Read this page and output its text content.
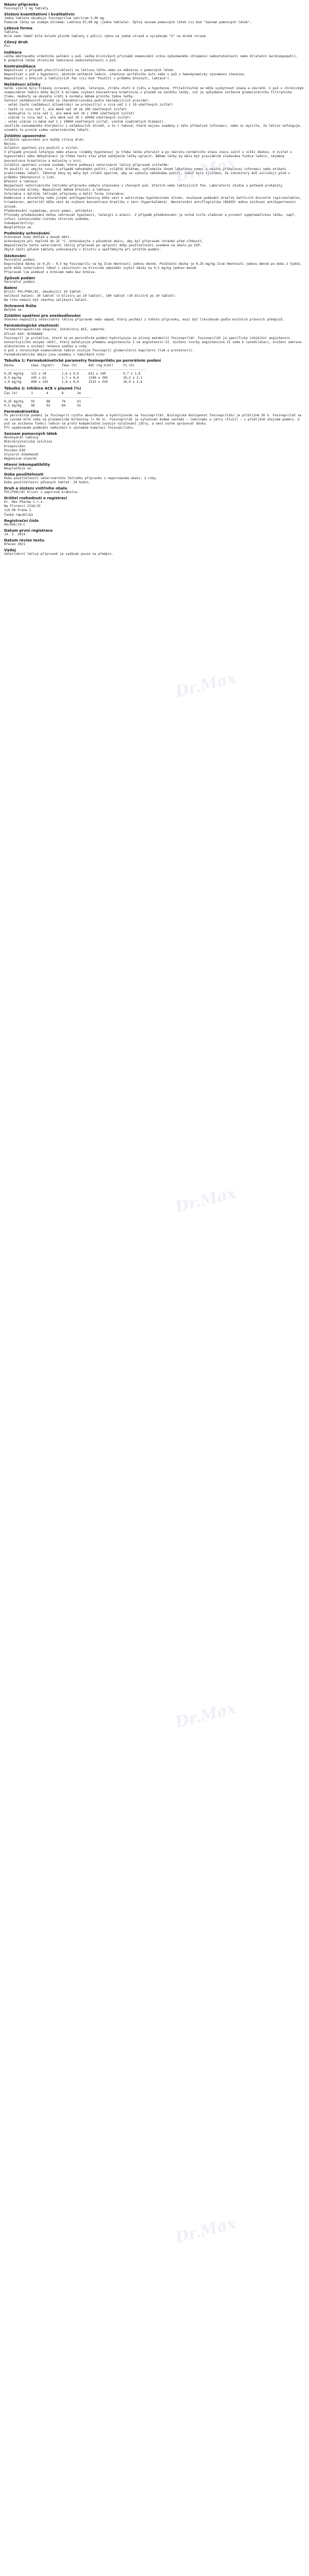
Dr.Max
Dr.Max
Dr.Max
Dr.Max
Dr.Max
Název přípravku
Fosinopril 5 mg tablety
Složení kvantitativní i kvalitativní
Jedna tableta obsahuje fosinoprilum natricum 5,00 mg.
Pomocné látky se známým účinkem: Laktóza 67,00 mg (jedna tableta). Úplný seznam pomocných látek viz bod "Seznam pomocných látek".
Léková forma
Tableta.
Bílé nebo téměř bílé kulaté ploché tablety s půlicí rýhou na jedné straně a vyraženým "5" na druhé straně.
Cílový druh
Psi.
Indikace
Léčba městnavého srdečního selhání u psů. Léčba klinických příznaků onemocnění srdce způsobeného chlopenní nedostatečností nebo dilatační kardiomyopatií.
K podpůrné léčbě chronické ledvinové nedostatečnosti u psů.
Kontraindikace
Nepoužívat v případě přecitlivělosti na léčivou látku nebo na některou z pomocných látek.
Nepoužívat u psů s hypotenzí, akutním selháním ledvin, stenózou aortálního ústí nebo u psů s hemodynamicky významnou stenózou.
Nepoužívat u březích a laktujících fen (viz bod "Použití v průběhu březosti, laktace").
Nežádoucí účinky
Velmi vzácně byly hlášeny zvracení, průjem, letargie, ztráta chuti k jídlu a hypotenze. Příležitostně se může vyskytnout únava a závratě. U psů s chronickým onemocněním ledvin může dojít k mírnému zvýšení koncentrace kreatininu v plazmě na začátku léčby, což je způsobeno snížením glomerulárního filtračního tlaku. Hodnoty se obvykle vrátí k normálu během prvního týdne léčby.
Četnost nežádoucích účinků je charakterizována podle následujících pravidel:
- velmi časté (nežádoucí účinek(nky) se projevil(y) u více než 1 z 10 ošetřených zvířat)
- časté (u více než 1, ale méně než 10 ze 100 ošetřených zvířat)
- neobvyklé (u více než 1, ale méně než 10 z 1000 ošetřených zvířat)
- vzácné (u více než 1, ale méně než 10 z 10000 ošetřených zvířat)
- velmi vzácné (u méně než 1 z 10000 ošetřených zvířat, včetně ojedinělých hlášení).
Jestliže zaznamenáte kterýkoliv z nežádoucích účinků, a to i takové, které nejsou uvedeny v této příbalové informaci, nebo si myslíte, že léčivo nefunguje, oznamte to prosím svému veterinárnímu lékaři.
Zvláštní upozornění
Zvláštní upozornění pro každý cílový druh:
Nejsou.
Zvláštní opatření pro použití u zvířat:
V případě projevů letargie nebo ataxie (známky hypotenze) je třeba léčbu přerušit a po návratu normálního stavu znovu začít s nižší dávkou. U zvířat s hypovolémií nebo dehydratací je třeba tento stav před zahájením léčby upravit. Během léčby by měla být pravidelně sledována funkce ledvin, zejména koncentrace kreatininu a močoviny v krvi.
Zvláštní opatření určené osobám, které podávají veterinární léčivý přípravek zvířatům:
Po použití si umyjte ruce. V případě náhodného požití, zvláště dítětem, vyhledejte ihned lékařskou pomoc a ukažte příbalovou informaci nebo etiketu praktickému lékaři. Těhotné ženy by měly být zvlášť opatrné, aby se vyhnuly náhodnému požití, neboť bylo zjištěno, že inhibitory ACE ovlivňují plod v průběhu těhotenství u lidí.
Březost a laktace:
Bezpečnost veterinárního léčivého přípravku nebyla stanovena u chovných psů, březích nebo laktujících fen. Laboratorní studie u potkanů prokázaly fetotoxické účinky. Nepoužívat během březosti a laktace.
Interakce s dalšími léčivými přípravky a další formy interakce:
Kombinace s diuretiky nebo jinými antihypertenzivy může vést k aditivnímu hypotenznímu účinku. Současné podávání draslík šetřících diuretik (spironolakton, triamteren, amilorid) může vést ke zvýšení koncentrace draslíku v séru (hyperkalémie). Nesteroidní antiflogistika (NSAID) mohou snižovat antihypertenzní účinek.
Předávkování (symptomy, první pomoc, antidota):
Příznaky předávkování mohou zahrnovat hypotenzi, letargii a ataxii. V případě předávkování je nutné zvíře sledovat a provést symptomatickou léčbu, např. infuzi izotonického roztoku chloridu sodného.
Inkompatibility:
Neuplatňuje se.
Podmínky uchovávání
Uchovávat mimo dohled a dosah dětí.
Uchovávejte při teplotě do 25 °C. Uchovávejte v původním obalu, aby byl přípravek chráněn před vlhkostí.
Nepoužívejte tento veterinární léčivý přípravek po uplynutí doby použitelnosti uvedené na obalu po EXP.
Zbylé části půlené tablety uchovávejte v blistru a spotřebujte při příštím podání.
Dávkování
Perorální podání.
Doporučená dávka je 0,25 – 0,5 mg fosinoprilu na kg živé hmotnosti jednou denně. Počáteční dávka je 0,25 mg/kg živé hmotnosti jednou denně po dobu 2 týdnů, poté může veterinární lékař v závislosti na klinické odpovědi zvýšit dávku na 0,5 mg/kg jednou denně.
Přípravek lze podávat s krmivem nebo bez krmiva.
Způsob podání
Perorální podání.
Balení
Blistr PVC/PVDC/Al, obsahující 10 tablet.
Velikost balení: 30 tablet (3 blistry po 10 tablet), 100 tablet (10 blistrů po 10 tablet).
Na trhu nemusí být všechny velikosti balení.
Ochranná lhůta
Netýká se.
Zvláštní opatření pro zneškodňování
Všechen nepoužitý veterinární léčivý přípravek nebo odpad, který pochází z tohoto přípravku, musí být likvidován podle místních právních předpisů.
Farmakologické vlastnosti
Farmakoterapeutická skupina: Inhibitory ACE, samotné.
ATCvet kód: QC09AA09
Fosinopril je proléčivo, které se po perorálním podání hydrolyzuje na účinný metabolit fosinoprilát. Fosinoprilát je specifický inhibitor angiotenzin konvertujícího enzymu (ACE), který katalyzuje přeměnu angiotenzinu I na angiotenzin II. Snížení tvorby angiotenzinu II vede k vazodilataci, snížení sekrece aldosteronu a snížení retence sodíku a vody.
U psů s chronickým onemocněním ledvin snižuje fosinopril glomerulární kapilární tlak a proteinurii.
Farmakokinetické údaje jsou uvedeny v tabulkách níže:
Tabulka 1: Farmakokinetické parametry fosinoprilátu po perorálním podání
Dávka         Cmax (ng/ml)    Tmax (h)      AUC (ng.h/ml)     t½ (h)
--------------------------------------------------------------------------
0,25 mg/kg    121 ± 34        1,6 ± 0,5     612 ± 140         9,7 ± 1,8
0,5 mg/kg     245 ± 61        1,7 ± 0,6     1240 ± 305        10,3 ± 2,1
1,0 mg/kg     498 ± 102       1,8 ± 0,4     2515 ± 520        10,9 ± 2,4
Tabulka 2: Inhibice ACE v plazmě (%)
Čas (h)       1       4       8       24
----------------------------------------------
0,25 mg/kg    92      88      76      41
0,5 mg/kg     96      93      84      55
Farmakokinetika
Po perorálním podání je fosinopril rychle absorbován a hydrolyzován na fosinoprilát. Biologická dostupnost fosinoprilátu je přibližně 30 %. Fosinoprilát se ve vysoké míře váže na plazmatické bílkoviny (> 95 %). Fosinoprilát je vylučován dvěma cestami – ledvinami a játry (žlučí) – v přibližně stejném poměru. U psů se sníženou funkcí ledvin se proto kompenzačně zvyšuje vylučování játry, a není nutné upravovat dávku.
Při opakovaném podávání nedochází k významné kumulaci fosinoprilátu.
Seznam pomocných látek
Monohydrát laktózy
Mikrokrystalická celulóza
Krospovidon
Povidon K30
Glycerol-dibehenát
Magnesium-stearát
Hlavní inkompatibility
Neuplatňuje se.
Doba použitelnosti
Doba použitelnosti veterinárního léčivého přípravku v neporušeném obalu: 2 roky.
Doba použitelnosti půlených tablet: 24 hodin.
Druh a složení vnitřního obalu
PVC/PVDC/Al blistr v papírové krabičce.
Držitel rozhodnutí o registraci
Dr. Max Pharma s.r.o.
Na Florenci 2116/15
110 00 Praha 1
Česká republika
Registrační číslo
96/045/14-C
Datum první registrace
14. 5. 2014
Datum revize textu
Březen 2021
Výdej
Veterinární léčivý přípravek je vydáván pouze na předpis.
